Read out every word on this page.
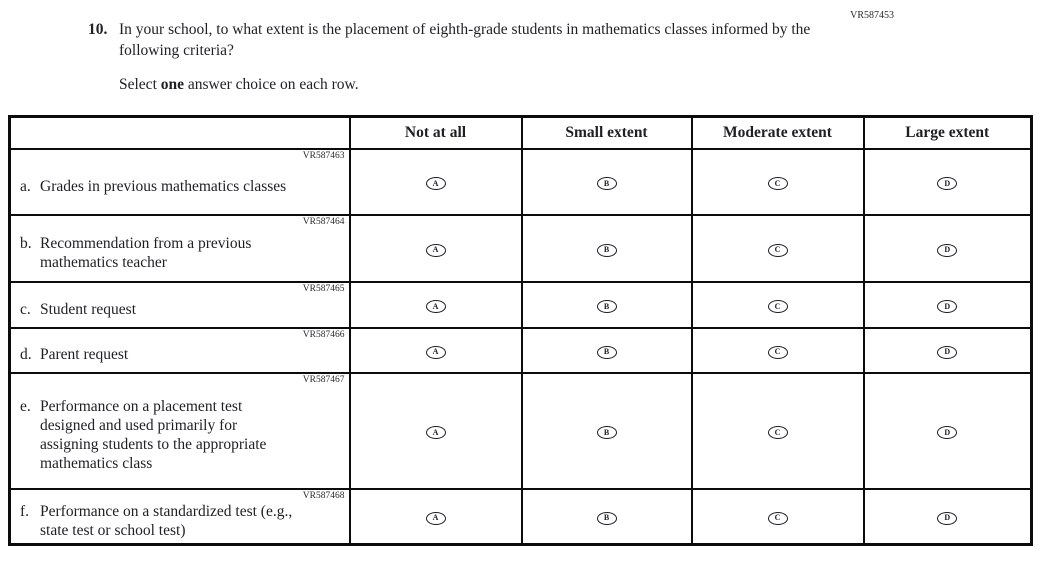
VR587453
10. In your school, to what extent is the placement of eighth-grade students in mathematics classes informed by the following criteria?
Select one answer choice on each row.
	Not at all	Small extent	Moderate extent	Large extent

VR587463
a. Grades in previous mathematics classes	A	B	C	D

VR587464
b. Recommendation from a previous mathematics teacher	A	B	C	D

VR587465
c. Student request	A	B	C	D

VR587466
d. Parent request	A	B	C	D

VR587467
e. Performance on a placement test designed and used primarily for assigning students to the appropriate mathematics class	A	B	C	D

VR587468
f. Performance on a standardized test (e.g., state test or school test)	A	B	C	D
